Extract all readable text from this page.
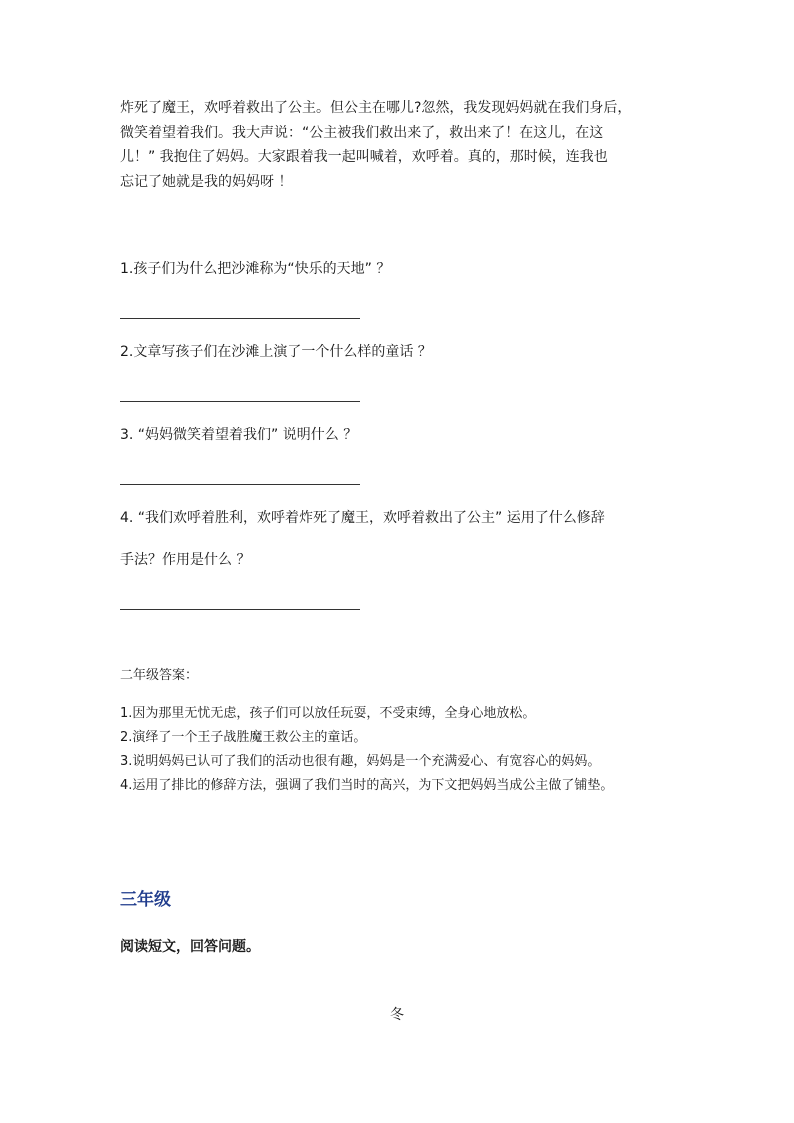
炸死了魔王，欢呼着救出了公主。但公主在哪儿?忽然，我发现妈妈就在我们身后，

微笑着望着我们。我大声说：“公主被我们救出来了，救出来了！在这儿，在这

儿！” 我抱住了妈妈。大家跟着我一起叫喊着，欢呼着。真的，那时候，连我也

忘记了她就是我的妈妈呀 ！

1.孩子们为什么把沙滩称为“快乐的天地” ？

2.文章写孩子们在沙滩上演了一个什么样的童话 ？

3. “妈妈微笑着望着我们” 说明什么 ？

4. “我们欢呼着胜利，欢呼着炸死了魔王，欢呼着救出了公主” 运用了什么修辞

手法？作用是什么 ？

二年级答案：

1.因为那里无忧无虑，孩子们可以放任玩耍，不受束缚，全身心地放松。
2.演绎了一个王子战胜魔王救公主的童话。
3.说明妈妈已认可了我们的活动也很有趣，妈妈是一个充满爱心、有宽容心的妈妈。
4.运用了排比的修辞方法，强调了我们当时的高兴，为下文把妈妈当成公主做了铺垫。
三年级

阅读短文，回答问题。

冬
